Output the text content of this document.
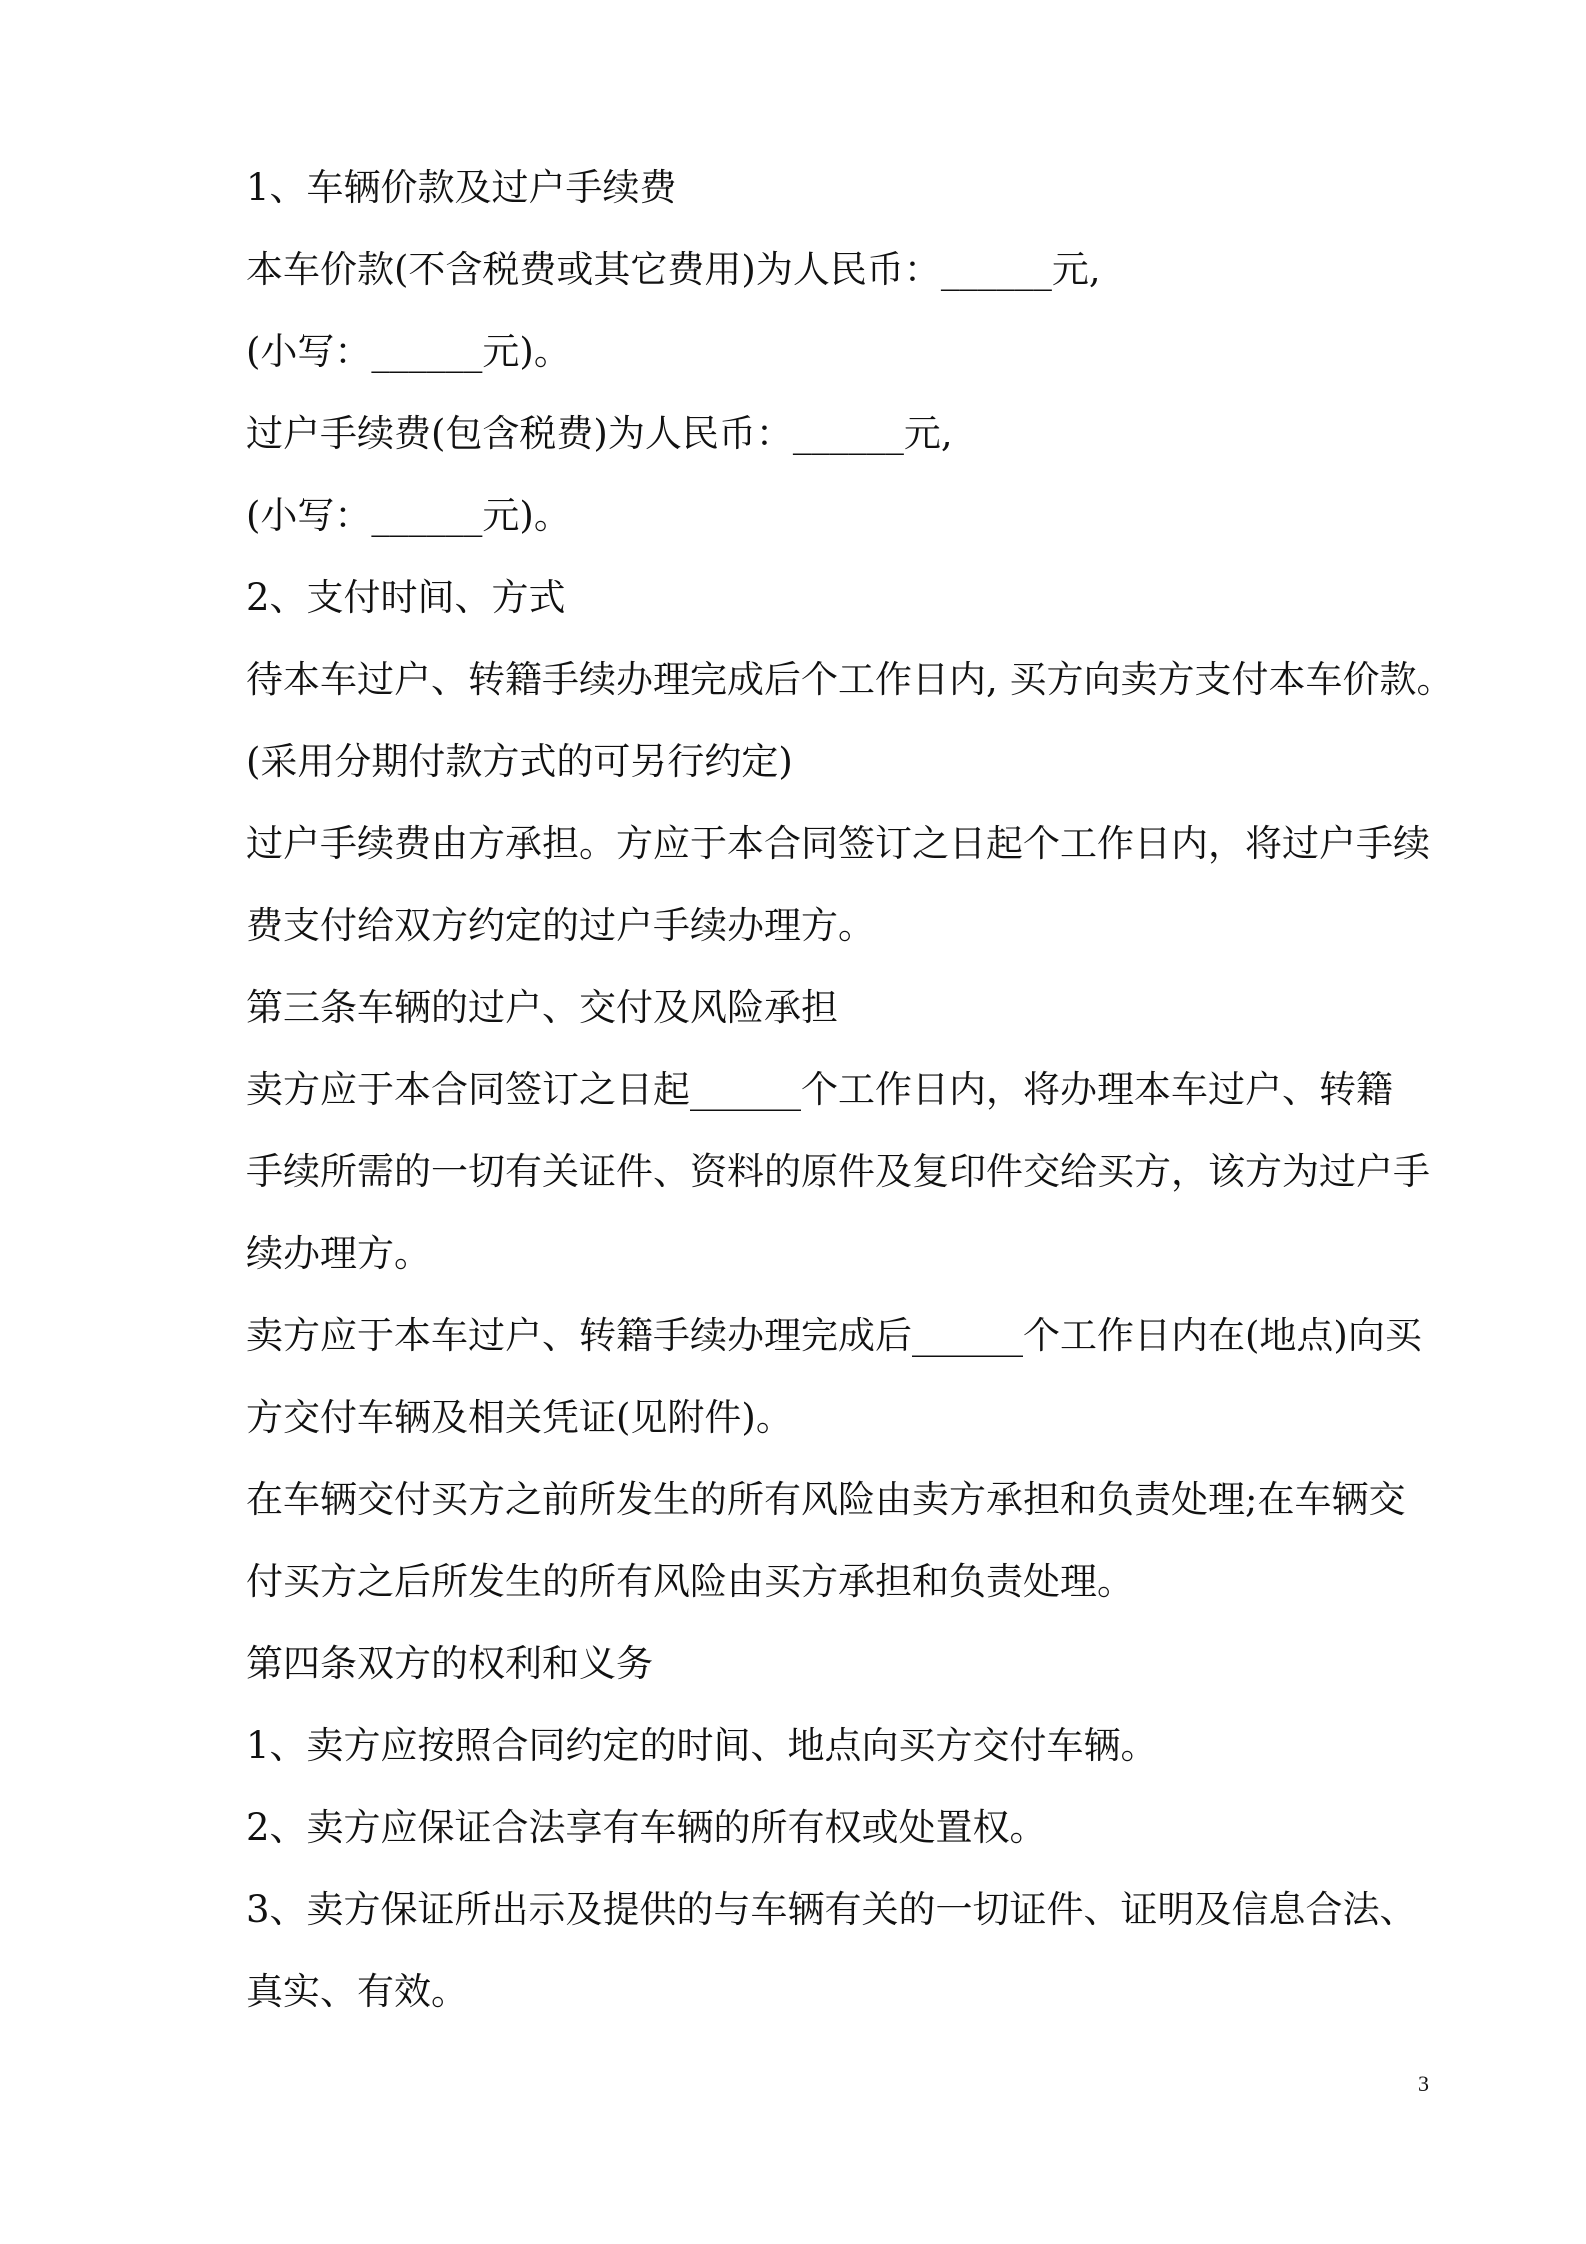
1、车辆价款及过户手续费
本车价款(不含税费或其它费用)为人民币：______元,
(小写：______元)。
过户手续费(包含税费)为人民币：______元,
(小写：______元)。
2、支付时间、方式
待本车过户、转籍手续办理完成后个工作日内, 买方向卖方支付本车价款。
(采用分期付款方式的可另行约定)
过户手续费由方承担。方应于本合同签订之日起个工作日内，将过户手续
费支付给双方约定的过户手续办理方。
第三条车辆的过户、交付及风险承担
卖方应于本合同签订之日起______个工作日内，将办理本车过户、转籍
手续所需的一切有关证件、资料的原件及复印件交给买方，该方为过户手
续办理方。
卖方应于本车过户、转籍手续办理完成后______个工作日内在(地点)向买
方交付车辆及相关凭证(见附件)。
在车辆交付买方之前所发生的所有风险由卖方承担和负责处理;在车辆交
付买方之后所发生的所有风险由买方承担和负责处理。
第四条双方的权利和义务
1、卖方应按照合同约定的时间、地点向买方交付车辆。
2、卖方应保证合法享有车辆的所有权或处置权。
3、卖方保证所出示及提供的与车辆有关的一切证件、证明及信息合法、
真实、有效。
3
